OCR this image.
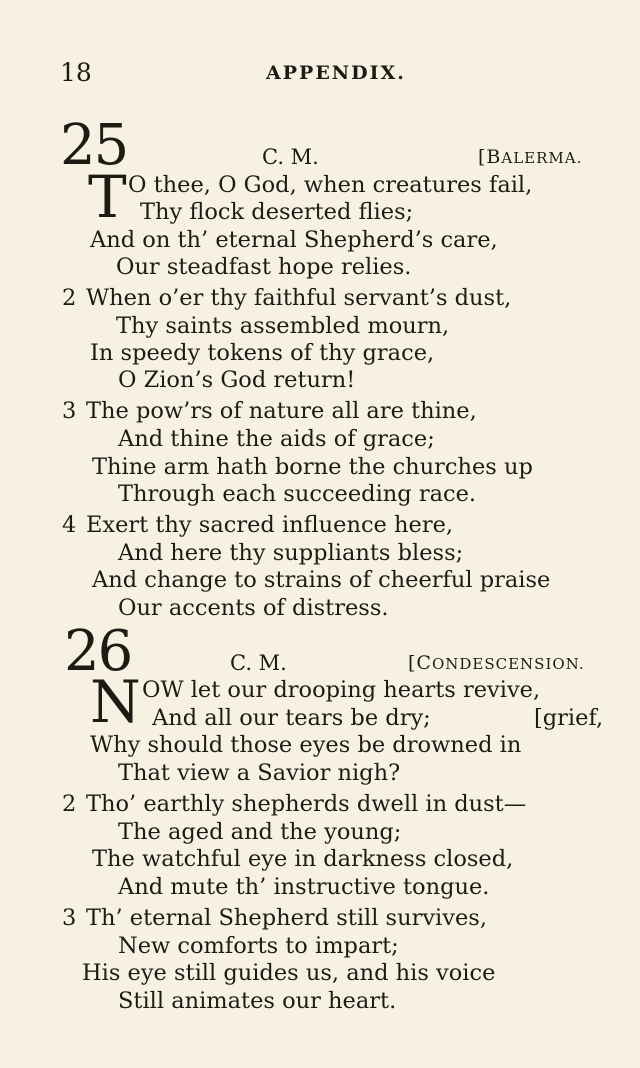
18	APPENDIX.
25	C. M.	[BALERMA.
T O thee, O God, when creatures fail,
Thy flock deserted flies;
And on th’ eternal Shepherd’s care,
Our steadfast hope relies.
2 When o’er thy faithful servant’s dust,
Thy saints assembled mourn,
In speedy tokens of thy grace,
O Zion’s God return!
3 The pow’rs of nature all are thine,
And thine the aids of grace;
Thine arm hath borne the churches up
Through each succeeding race.
4 Exert thy sacred influence here,
And here thy suppliants bless;
And change to strains of cheerful praise
Our accents of distress.
26	C. M.	[CONDESCENSION.
N OW let our drooping hearts revive,
And all our tears be dry;	[grief,
Why should those eyes be drowned in
That view a Savior nigh?
2 Tho’ earthly shepherds dwell in dust—
The aged and the young;
The watchful eye in darkness closed,
And mute th’ instructive tongue.
3 Th’ eternal Shepherd still survives,
New comforts to impart;
His eye still guides us, and his voice
Still animates our heart.
